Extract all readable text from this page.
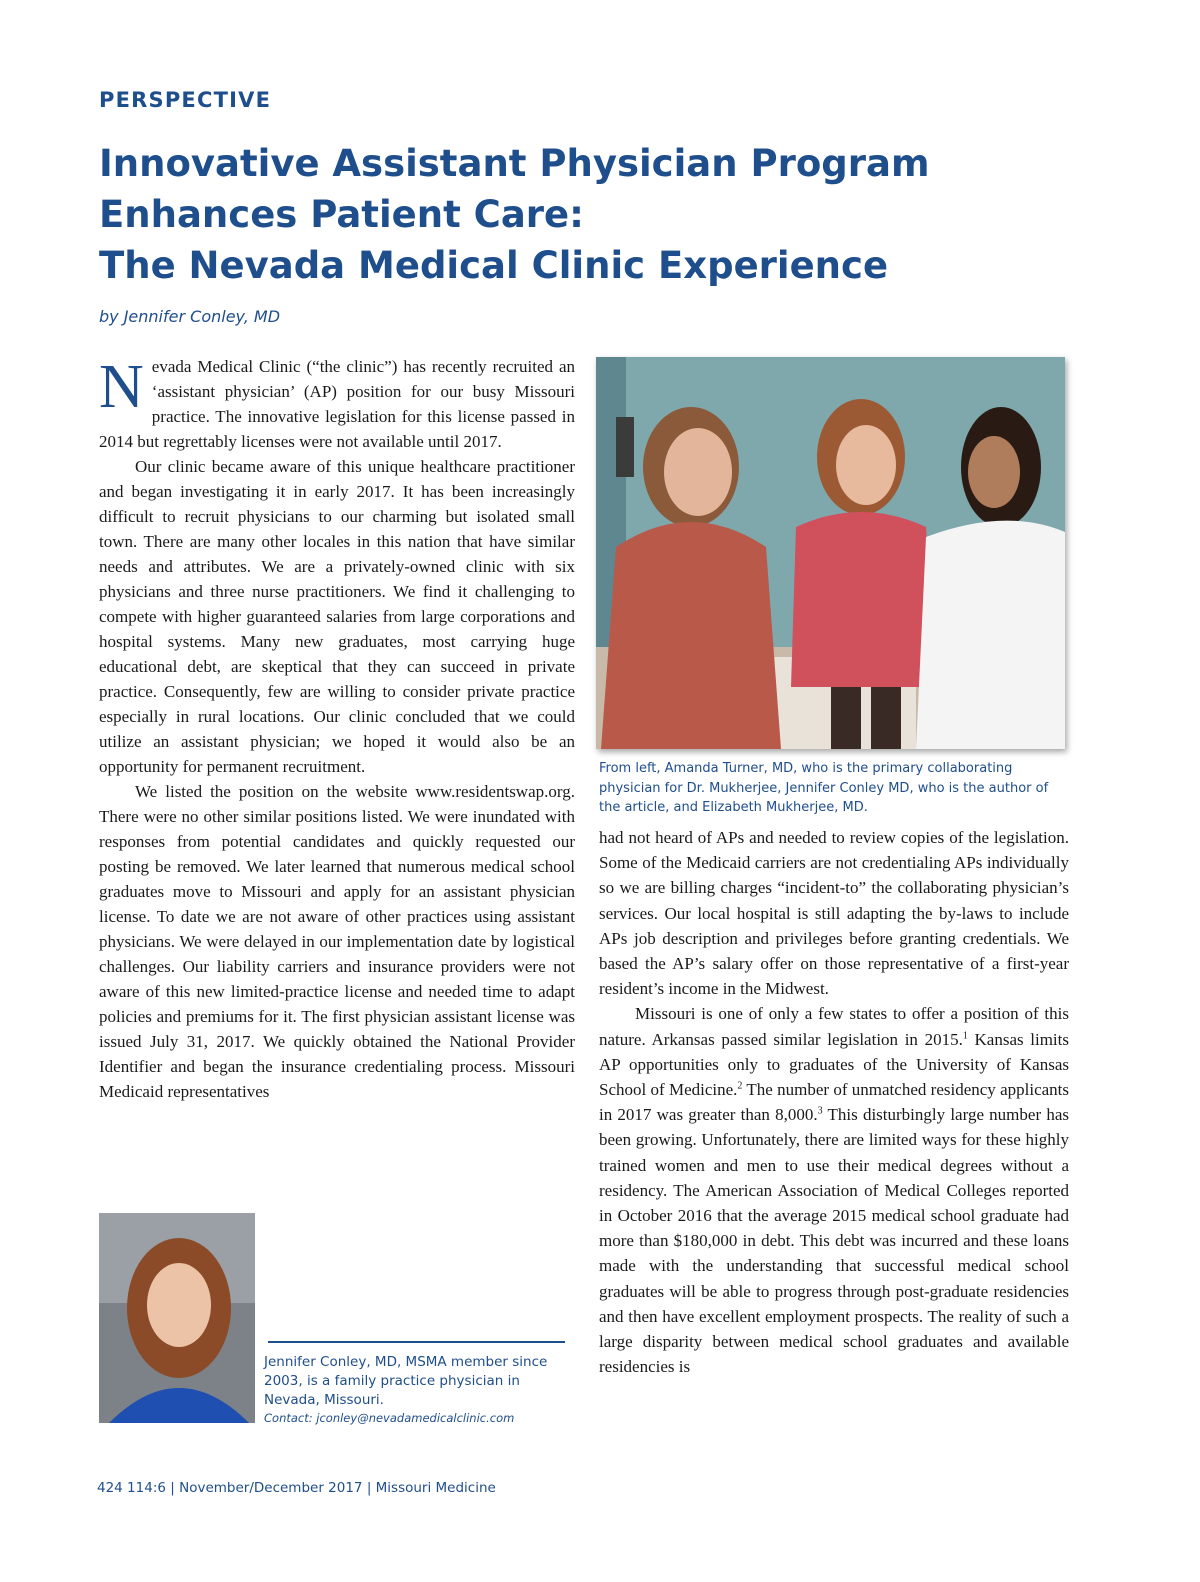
PERSPECTIVE
Innovative Assistant Physician Program
Enhances Patient Care:
The Nevada Medical Clinic Experience
by Jennifer Conley, MD

Nevada Medical Clinic (“the clinic”) has recently recruited an ‘assistant physician’ (AP) position for our busy Missouri practice. The innovative legislation for this license passed in 2014 but regrettably licenses were not available until 2017.

Our clinic became aware of this unique healthcare practitioner and began investigating it in early 2017. It has been increasingly difficult to recruit physicians to our charming but isolated small town. There are many other locales in this nation that have similar needs and attributes. We are a privately-owned clinic with six physicians and three nurse practitioners. We find it challenging to compete with higher guaranteed salaries from large corporations and hospital systems. Many new graduates, most carrying huge educational debt, are skeptical that they can succeed in private practice. Consequently, few are willing to consider private practice especially in rural locations. Our clinic concluded that we could utilize an assistant physician; we hoped it would also be an opportunity for permanent recruitment.

We listed the position on the website www.residentswap.org. There were no other similar positions listed. We were inundated with responses from potential candidates and quickly requested our posting be removed. We later learned that numerous medical school graduates move to Missouri and apply for an assistant physician license. To date we are not aware of other practices using assistant physicians. We were delayed in our implementation date by logistical challenges. Our liability carriers and insurance providers were not aware of this new limited-practice license and needed time to adapt policies and premiums for it. The first physician assistant license was issued July 31, 2017. We quickly obtained the National Provider Identifier and began the insurance credentialing process. Missouri Medicaid representatives

From left, Amanda Turner, MD, who is the primary collaborating physician for Dr. Mukherjee, Jennifer Conley MD, who is the author of the article, and Elizabeth Mukherjee, MD.

had not heard of APs and needed to review copies of the legislation. Some of the Medicaid carriers are not credentialing APs individually so we are billing charges “incident-to” the collaborating physician’s services. Our local hospital is still adapting the by-laws to include APs job description and privileges before granting credentials. We based the AP’s salary offer on those representative of a first-year resident’s income in the Midwest.

Missouri is one of only a few states to offer a position of this nature. Arkansas passed similar legislation in 2015.$^1$ Kansas limits AP opportunities only to graduates of the University of Kansas School of Medicine.$^2$ The number of unmatched residency applicants in 2017 was greater than 8,000.$^3$ This disturbingly large number has been growing. Unfortunately, there are limited ways for these highly trained women and men to use their medical degrees without a residency. The American Association of Medical Colleges reported in October 2016 that the average 2015 medical school graduate had more than $180,000 in debt. This debt was incurred and these loans made with the understanding that successful medical school graduates will be able to progress through post-graduate residencies and then have excellent employment prospects. The reality of such a large disparity between medical school graduates and available residencies is

Jennifer Conley, MD, MSMA member since 2003, is a family practice physician in Nevada, Missouri.
Contact: jconley@nevadamedicalclinic.com
424 114:6 | November/December 2017 | Missouri Medicine
